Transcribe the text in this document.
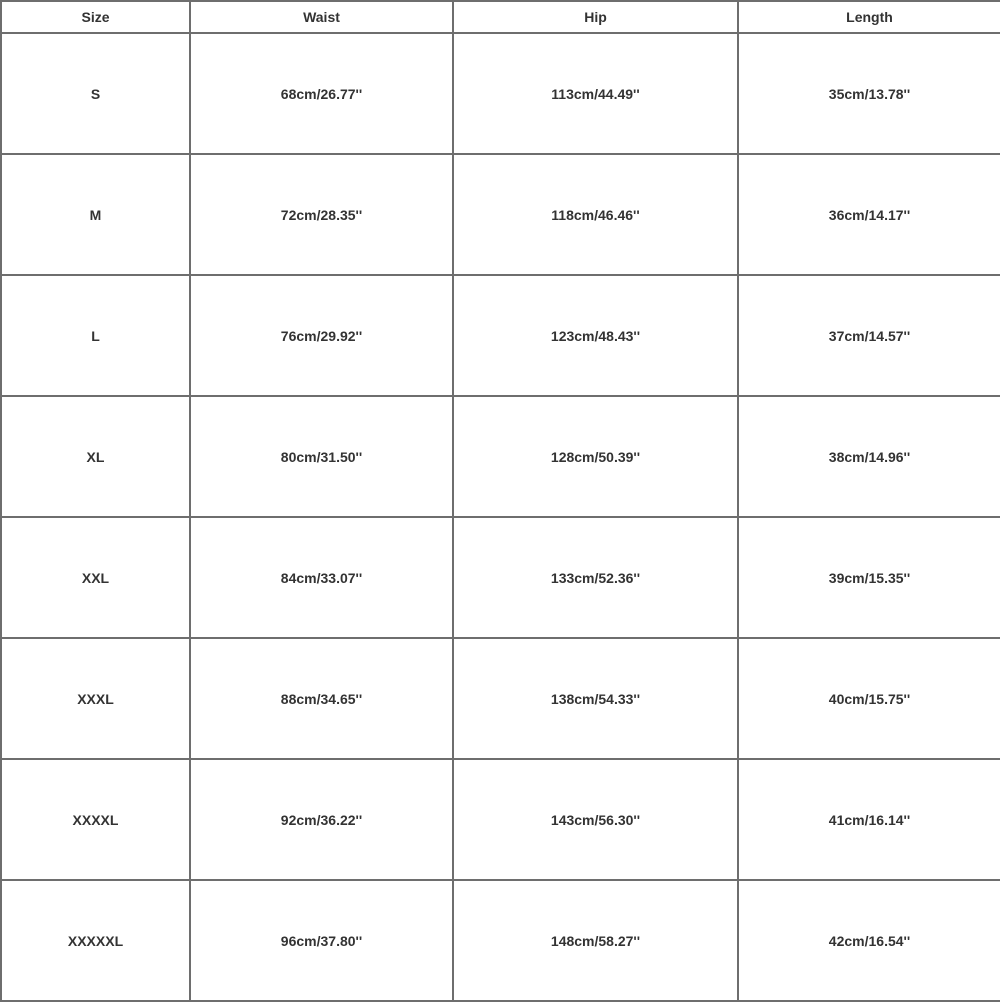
Size	Waist	Hip	Length
S	68cm/26.77''	113cm/44.49''	35cm/13.78''
M	72cm/28.35''	118cm/46.46''	36cm/14.17''
L	76cm/29.92''	123cm/48.43''	37cm/14.57''
XL	80cm/31.50''	128cm/50.39''	38cm/14.96''
XXL	84cm/33.07''	133cm/52.36''	39cm/15.35''
XXXL	88cm/34.65''	138cm/54.33''	40cm/15.75''
XXXXL	92cm/36.22''	143cm/56.30''	41cm/16.14''
XXXXXL	96cm/37.80''	148cm/58.27''	42cm/16.54''
